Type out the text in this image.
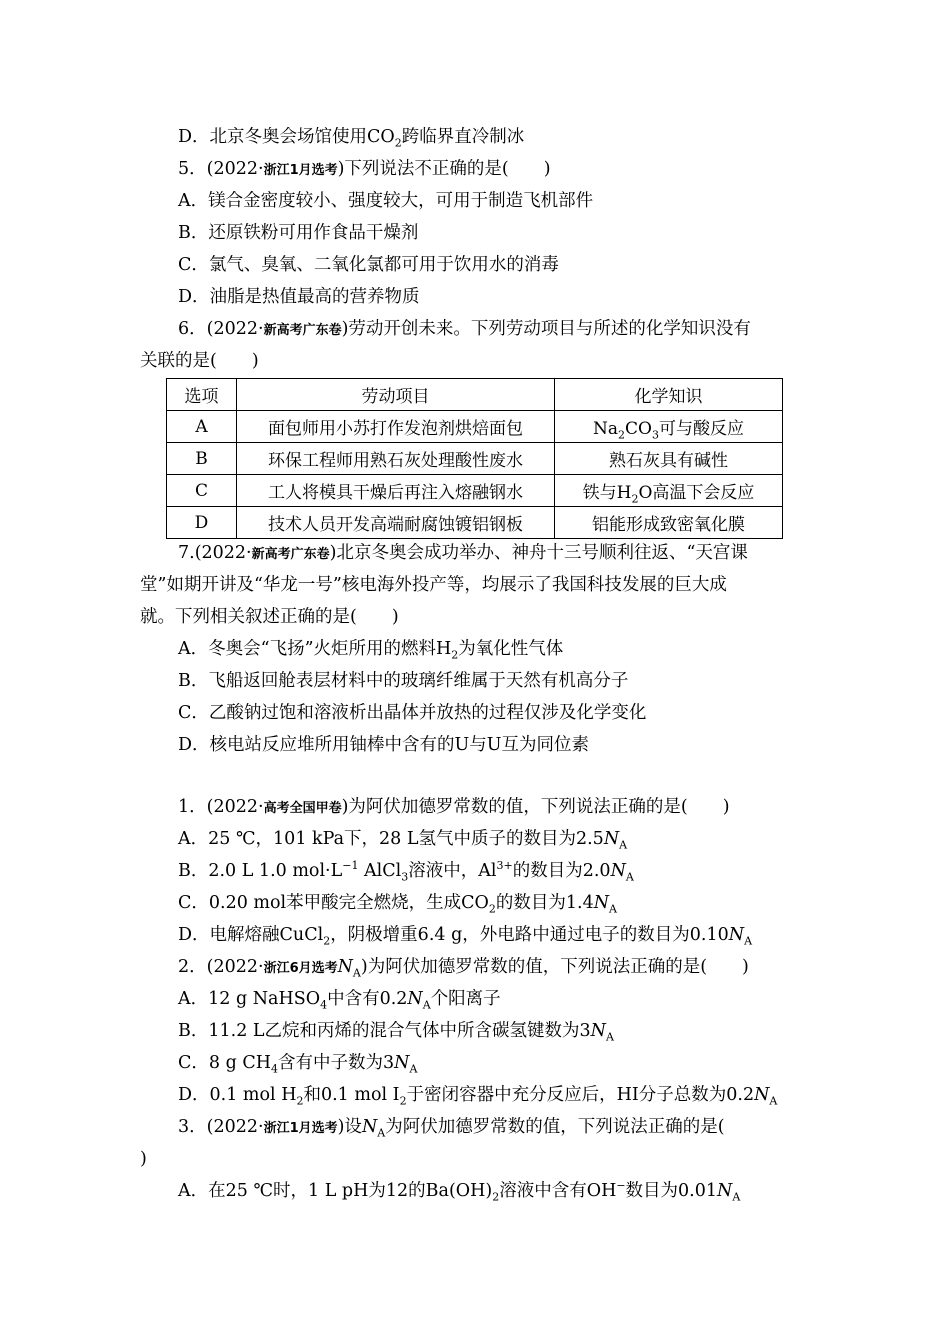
D．北京冬奥会场馆使用$CO_2$跨临界直冷制冰
5．(2022·浙江1月选考)下列说法不正确的是(　　)
A．镁合金密度较小、强度较大，可用于制造飞机部件
B．还原铁粉可用作食品干燥剂
C．氯气、臭氧、二氧化氯都可用于饮用水的消毒
D．油脂是热值最高的营养物质
6．(2022·新高考广东卷)劳动开创未来。下列劳动项目与所述的化学知识没有
关联的是(　　)
选项	劳动项目	化学知识
A	面包师用小苏打作发泡剂烘焙面包	$Na_2CO_3$可与酸反应
B	环保工程师用熟石灰处理酸性废水	熟石灰具有碱性
C	工人将模具干燥后再注入熔融钢水	铁与$H_2O$高温下会反应
D	技术人员开发高端耐腐蚀镀铝钢板	铝能形成致密氧化膜
7.(2022·新高考广东卷)北京冬奥会成功举办、神舟十三号顺利往返、“天宫课
堂”如期开讲及“华龙一号”核电海外投产等，均展示了我国科技发展的巨大成
就。下列相关叙述正确的是(　　)
A．冬奥会“飞扬”火炬所用的燃料$H_2$为氧化性气体
B．飞船返回舱表层材料中的玻璃纤维属于天然有机高分子
C．乙酸钠过饱和溶液析出晶体并放热的过程仅涉及化学变化
D．核电站反应堆所用铀棒中含有的U与U互为同位素
1．(2022·高考全国甲卷)为阿伏加德罗常数的值，下列说法正确的是(　　)
A．25 ℃，101 kPa下，28 L氢气中质子的数目为$2.5N_A$
B．2.0 L 1.0 $mol\cdot L^{-1}$ AlCl$_3$溶液中，$Al^{3+}$的数目为$2.0N_A$
C．0.20 mol苯甲酸完全燃烧，生成$CO_2$的数目为$1.4N_A$
D．电解熔融CuCl$_2$，阴极增重6.4 g，外电路中通过电子的数目为$0.10N_A$
2．(2022·浙江6月选考$N_A$)为阿伏加德罗常数的值，下列说法正确的是(　　)
A．12 g NaHSO$_4$中含有$0.2N_A$个阳离子
B．11.2 L乙烷和丙烯的混合气体中所含碳氢键数为$3N_A$
C．8 g $CH_4$含有中子数为$3N_A$
D．0.1 mol $H_2$和0.1 mol $I_2$于密闭容器中充分反应后，HI分子总数为$0.2N_A$
3．(2022·浙江1月选考)设$N_A$为阿伏加德罗常数的值，下列说法正确的是(
)
A．在25 ℃时，1 L pH为12的$Ba(OH)_2$溶液中含有OH−数目为$0.01N_A$
